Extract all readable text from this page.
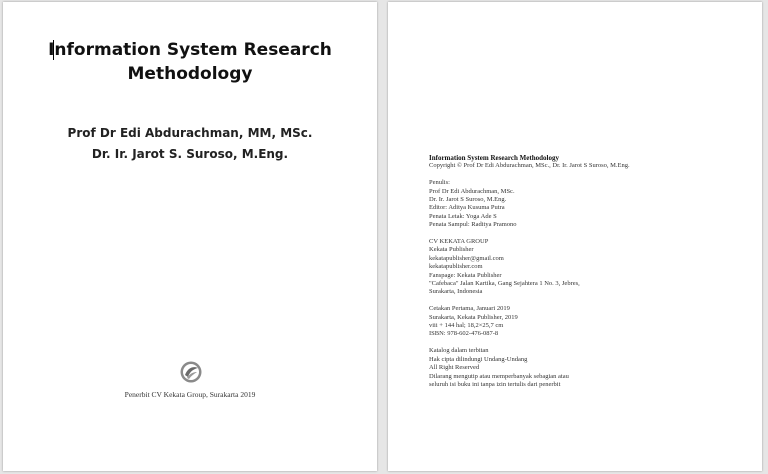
Information System Research Methodology
Prof Dr Edi Abdurachman, MM, MSc.
Dr. Ir. Jarot S. Suroso, M.Eng.
Penerbit CV Kekata Group, Surakarta 2019
Information System Research Methodology
Copyright © Prof Dr Edi Abdurachman, MSc., Dr. Ir. Jarot S Suroso, M.Eng.
Penulis:
Prof Dr Edi Abdurachman, MSc.
Dr. Ir. Jarot S Suroso, M.Eng.
Editor: Aditya Kusuma Putra
Penata Letak: Yoga Ade S
Penata Sampul: Raditya Pramono
CV KEKATA GROUP
Kekata Publisher
kekatapublisher@gmail.com
kekatapublisher.com
Fanspage: Kekata Publisher
"Cafebaca" Jalan Kartika, Gang Sejahtera 1 No. 3, Jebres,
Surakarta, Indonesia
Cetakan Pertama, Januari 2019
Surakarta, Kekata Publisher, 2019
viii + 144 hal; 18,2×25,7 cm
ISBN: 978-602-476-087-8
Katalog dalam terbitan
Hak cipta dilindungi Undang-Undang
All Right Reserved
Dilarang mengutip atau memperbanyak sebagian atau
seluruh isi buku ini tanpa izin tertulis dari penerbit
